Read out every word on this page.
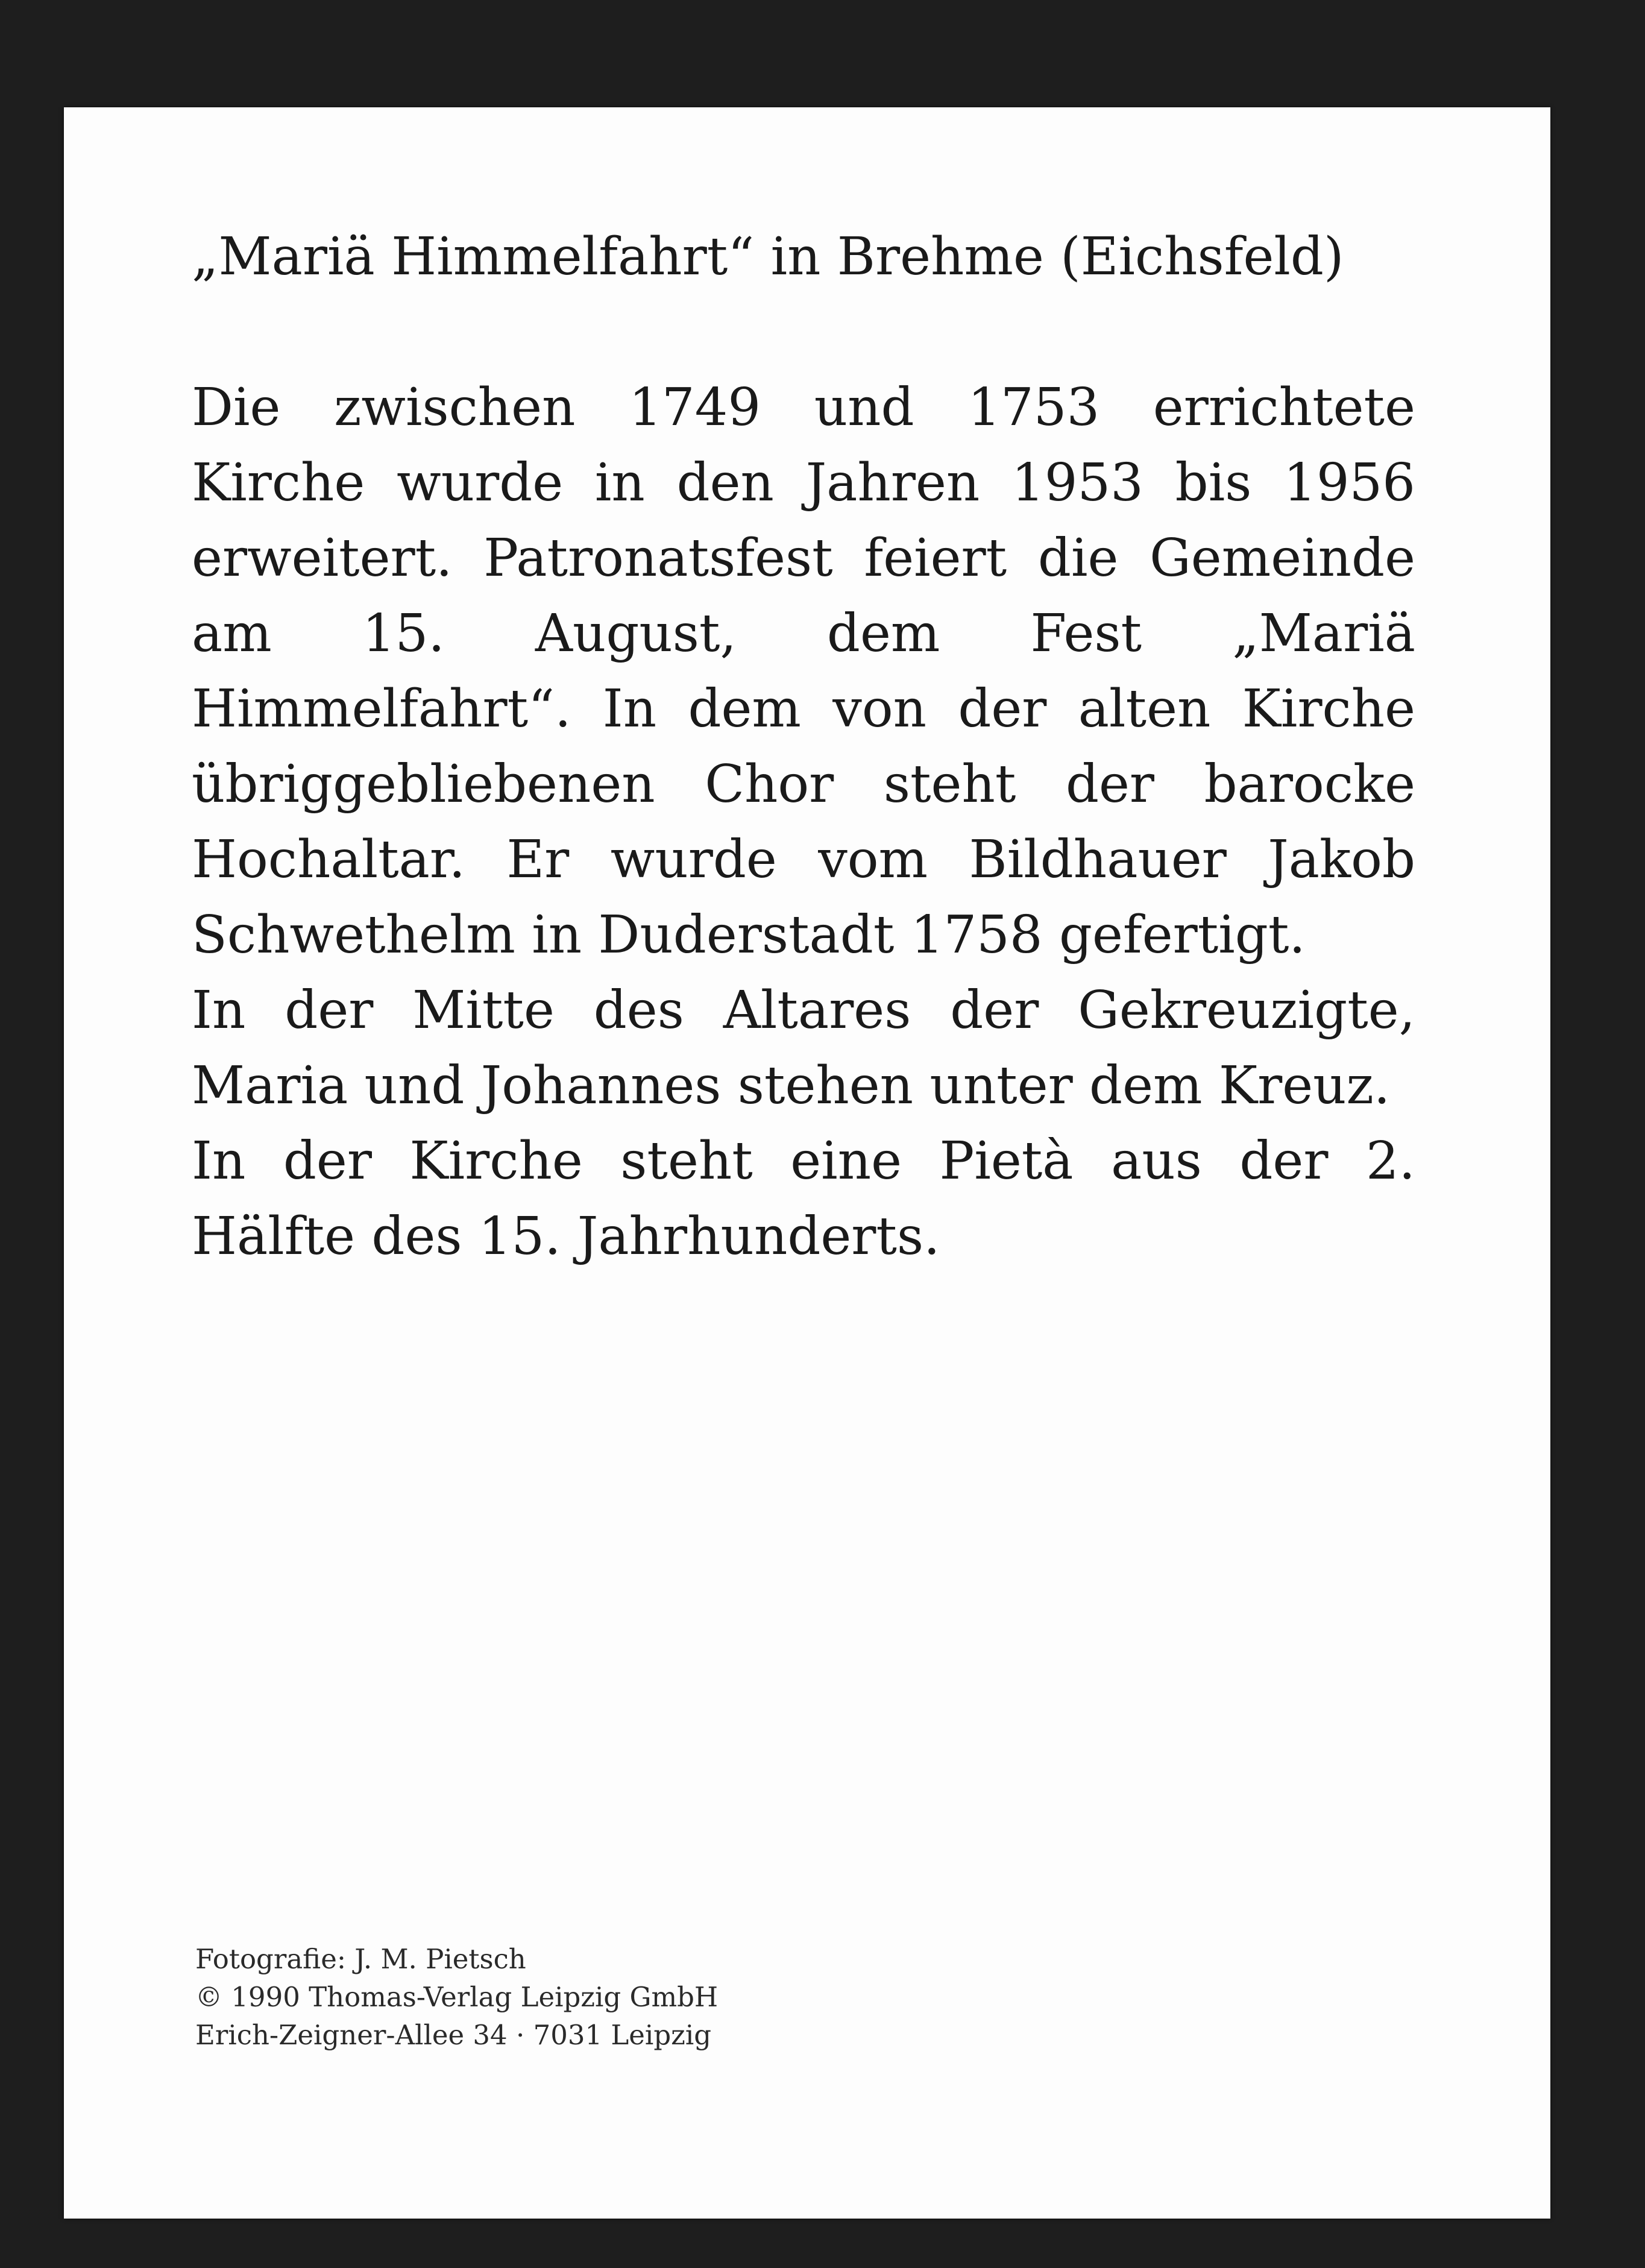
„Mariä Himmelfahrt“ in Brehme (Eichsfeld)

Die zwischen 1749 und 1753 errichtete Kirche wurde in den Jahren 1953 bis 1956 erweitert. Patronatsfest feiert die Gemeinde am 15. August, dem Fest „Mariä Himmelfahrt“. In dem von der alten Kirche übriggebliebenen Chor steht der barocke Hochaltar. Er wurde vom Bildhauer Jakob Schwethelm in Duderstadt 1758 gefertigt.

In der Mitte des Altares der Gekreuzigte, Maria und Johannes stehen unter dem Kreuz.

In der Kirche steht eine Pietà aus der 2. Hälfte des 15. Jahrhunderts.

Fotografie: J. M. Pietsch
© 1990 Thomas-Verlag Leipzig GmbH
Erich-Zeigner-Allee 34 · 7031 Leipzig
